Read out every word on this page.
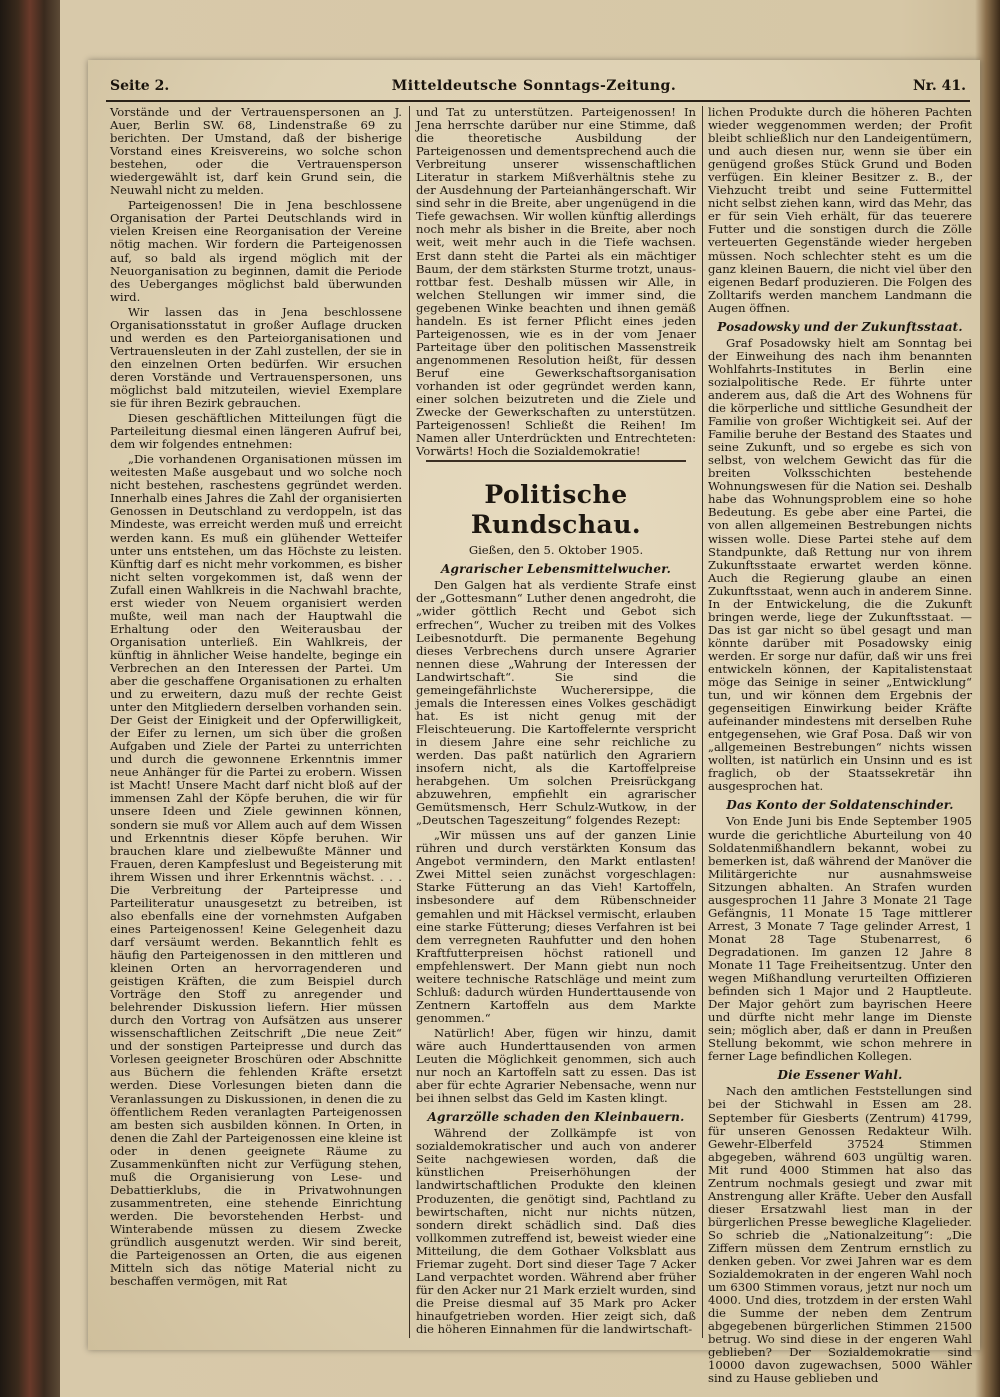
Seite 2.	Mitteldeutsche Sonntags-Zeitung.	Nr. 41.

Vorstände und der Vertrauenspersonen an J. Auer, Berlin SW. 68, Lindenstraße 69 zu berichten. Der Umstand, daß der bisherige Vorstand eines Kreisvereins, wo solche schon bestehen, oder die Vertrauensperson wiedergewählt ist, darf kein Grund sein, die Neuwahl nicht zu melden.

Parteigenossen! Die in Jena beschlossene Organisation der Partei Deutschlands wird in vielen Kreisen eine Reorganisation der Vereine nötig machen. Wir fordern die Parteigenossen auf, so bald als irgend möglich mit der Neuorganisation zu beginnen, damit die Periode des Ueberganges möglichst bald überwunden wird.

Wir lassen das in Jena beschlossene Organisationsstatut in großer Auflage drucken und werden es den Parteiorganisationen und Vertrauensleuten in der Zahl zustellen, der sie in den einzelnen Orten bedürfen. Wir ersuchen deren Vorstände und Vertrauenspersonen, uns möglichst bald mitzuteilen, wieviel Exemplare sie für ihren Bezirk gebrauchen.

Diesen geschäftlichen Mitteilungen fügt die Parteileitung diesmal einen längeren Aufruf bei, dem wir folgendes entnehmen:

„Die vorhandenen Organisationen müssen im weitesten Maße ausgebaut und wo solche noch nicht bestehen, raschestens gegründet werden. Innerhalb eines Jahres die Zahl der organisierten Genossen in Deutschland zu verdoppeln, ist das Mindeste, was erreicht werden muß und erreicht werden kann. Es muß ein glühender Wetteifer unter uns entstehen, um das Höchste zu leisten. Künftig darf es nicht mehr vorkommen, es bisher nicht selten vorgekommen ist, daß wenn der Zufall einen Wahlkreis in die Nachwahl brachte, erst wieder von Neuem organisiert werden mußte, weil man nach der Hauptwahl die Erhaltung oder den Weiterausbau der Organisation unterließ. Ein Wahlkreis, der künftig in ähnlicher Weise handelte, beginge ein Verbrechen an den Interessen der Partei. Um aber die geschaffene Organisationen zu erhalten und zu erweitern, dazu muß der rechte Geist unter den Mitgliedern derselben vorhanden sein. Der Geist der Einigkeit und der Opferwilligkeit, der Eifer zu lernen, um sich über die großen Aufgaben und Ziele der Partei zu unterrichten und durch die gewonnene Erkenntnis immer neue Anhänger für die Partei zu erobern. Wissen ist Macht! Unsere Macht darf nicht bloß auf der immensen Zahl der Köpfe beruhen, die wir für unsere Ideen und Ziele gewinnen können, sondern sie muß vor Allem auch auf dem Wissen und Erkenntnis dieser Köpfe beruhen. Wir brauchen klare und zielbewußte Männer und Frauen, deren Kampfeslust und Begeisterung mit ihrem Wissen und ihrer Erkenntnis wächst. . . . Die Verbreitung der Parteipresse und Parteiliteratur unausgesetzt zu betreiben, ist also ebenfalls eine der vornehmsten Aufgaben eines Parteigenossen! Keine Gelegenheit dazu darf versäumt werden. Bekanntlich fehlt es häufig den Parteigenossen in den mittleren und kleinen Orten an hervorragenderen und geistigen Kräften, die zum Beispiel durch Vorträge den Stoff zu anregender und belehrender Diskussion liefern. Hier müssen durch den Vortrag von Aufsätzen aus unserer wissenschaftlichen Zeitschrift „Die neue Zeit“ und der sonstigen Parteipresse und durch das Vorlesen geeigneter Broschüren oder Abschnitte aus Büchern die fehlenden Kräfte ersetzt werden. Diese Vorlesungen bieten dann die Veranlassungen zu Diskussionen, in denen die zu öffentlichem Reden veranlagten Parteigenossen am besten sich ausbilden können. In Orten, in denen die Zahl der Parteigenossen eine kleine ist oder in denen geeignete Räume zu Zusammenkünften nicht zur Verfügung stehen, muß die Organisierung von Lese- und Debattierklubs, die in Privatwohnungen zusammentreten, eine stehende Einrichtung werden. Die bevorstehenden Herbst- und Winterabende müssen zu diesem Zwecke gründlich ausgenutzt werden. Wir sind bereit, die Parteigenossen an Orten, die aus eigenen Mitteln sich das nötige Material nicht zu beschaffen vermögen, mit Rat

und Tat zu unterstützen. Parteigenossen! In Jena herrschte darüber nur eine Stimme, daß die theoretische Ausbildung der Parteigenossen und dementsprechend auch die Verbreitung unserer wissenschaftlichen Literatur in starkem Mißverhältnis stehe zu der Ausdehnung der Parteianhängerschaft. Wir sind sehr in die Breite, aber ungenügend in die Tiefe gewachsen. Wir wollen künftig allerdings noch mehr als bisher in die Breite, aber noch weit, weit mehr auch in die Tiefe wachsen. Erst dann steht die Partei als ein mächtiger Baum, der dem stärksten Sturme trotzt, unaus-rottbar fest. Deshalb müssen wir Alle, in welchen Stellungen wir immer sind, die gegebenen Winke beachten und ihnen gemäß handeln. Es ist ferner Pflicht eines jeden Parteigenossen, wie es in der vom Jenaer Parteitage über den politischen Massenstreik angenommenen Resolution heißt, für dessen Beruf eine Gewerkschaftsorganisation vorhanden ist oder gegründet werden kann, einer solchen beizutreten und die Ziele und Zwecke der Gewerkschaften zu unterstützen. Parteigenossen! Schließt die Reihen! Im Namen aller Unterdrückten und Entrechteten: Vorwärts! Hoch die Sozialdemokratie!

Politische Rundschau.
Gießen, den 5. Oktober 1905.
Agrarischer Lebensmittelwucher.

Den Galgen hat als verdiente Strafe einst der „Gottesmann“ Luther denen angedroht, die „wider göttlich Recht und Gebot sich erfrechen“, Wucher zu treiben mit des Volkes Leibesnotdurft. Die permanente Begehung dieses Verbrechens durch unsere Agrarier nennen diese „Wahrung der Interessen der Landwirtschaft“. Sie sind die gemeingefährlichste Wucherersippe, die jemals die Interessen eines Volkes geschädigt hat. Es ist nicht genug mit der Fleischteuerung. Die Kartoffelernte verspricht in diesem Jahre eine sehr reichliche zu werden. Das paßt natürlich den Agrariern insofern nicht, als die Kartoffelpreise herabgehen. Um solchen Preisrückgang abzuwehren, empfiehlt ein agrarischer Gemütsmensch, Herr Schulz-Wutkow, in der „Deutschen Tageszeitung“ folgendes Rezept:

„Wir müssen uns auf der ganzen Linie rühren und durch verstärkten Konsum das Angebot vermindern, den Markt entlasten! Zwei Mittel seien zunächst vorgeschlagen: Starke Fütterung an das Vieh! Kartoffeln, insbesondere auf dem Rübenschneider gemahlen und mit Häcksel vermischt, erlauben eine starke Fütterung; dieses Verfahren ist bei dem verregneten Rauhfutter und den hohen Kraftfutterpreisen höchst rationell und empfehlenswert. Der Mann giebt nun noch weitere technische Ratschläge und meint zum Schluß: dadurch würden Hunderttausende von Zentnern Kartoffeln aus dem Markte genommen.“

Natürlich! Aber, fügen wir hinzu, damit wäre auch Hunderttausenden von armen Leuten die Möglichkeit genommen, sich auch nur noch an Kartoffeln satt zu essen. Das ist aber für echte Agrarier Nebensache, wenn nur bei ihnen selbst das Geld im Kasten klingt.

Agrarzölle schaden den Kleinbauern.

Während der Zollkämpfe ist von sozialdemokratischer und auch von anderer Seite nachgewiesen worden, daß die künstlichen Preiserhöhungen der landwirtschaftlichen Produkte den kleinen Produzenten, die genötigt sind, Pachtland zu bewirtschaften, nicht nur nichts nützen, sondern direkt schädlich sind. Daß dies vollkommen zutreffend ist, beweist wieder eine Mitteilung, die dem Gothaer Volksblatt aus Friemar zugeht. Dort sind dieser Tage 7 Acker Land verpachtet worden. Während aber früher für den Acker nur 21 Mark erzielt wurden, sind die Preise diesmal auf 35 Mark pro Acker hinaufgetrieben worden. Hier zeigt sich, daß die höheren Einnahmen für die landwirtschaft-

lichen Produkte durch die höheren Pachten wieder weggenommen werden; der Profit bleibt schließlich nur den Landeigentümern, und auch diesen nur, wenn sie über ein genügend großes Stück Grund und Boden verfügen. Ein kleiner Besitzer z. B., der Viehzucht treibt und seine Futtermittel nicht selbst ziehen kann, wird das Mehr, das er für sein Vieh erhält, für das teuerere Futter und die sonstigen durch die Zölle verteuerten Gegenstände wieder hergeben müssen. Noch schlechter steht es um die ganz kleinen Bauern, die nicht viel über den eigenen Bedarf produzieren. Die Folgen des Zolltarifs werden manchem Landmann die Augen öffnen.

Posadowsky und der Zukunftsstaat.

Graf Posadowsky hielt am Sonntag bei der Einweihung des nach ihm benannten Wohlfahrts-Institutes in Berlin eine sozialpolitische Rede. Er führte unter anderem aus, daß die Art des Wohnens für die körperliche und sittliche Gesundheit der Familie von großer Wichtigkeit sei. Auf der Familie beruhe der Bestand des Staates und seine Zukunft, und so ergebe es sich von selbst, von welchem Gewicht das für die breiten Volksschichten bestehende Wohnungswesen für die Nation sei. Deshalb habe das Wohnungsproblem eine so hohe Bedeutung. Es gebe aber eine Partei, die von allen allgemeinen Bestrebungen nichts wissen wolle. Diese Partei stehe auf dem Standpunkte, daß Rettung nur von ihrem Zukunftsstaate erwartet werden könne. Auch die Regierung glaube an einen Zukunftsstaat, wenn auch in anderem Sinne. In der Entwickelung, die die Zukunft bringen werde, liege der Zukunftsstaat. — Das ist gar nicht so übel gesagt und man könnte darüber mit Posadowsky einig werden. Er sorge nur dafür, daß wir uns frei entwickeln können, der Kapitalistenstaat möge das Seinige in seiner „Entwicklung“ tun, und wir können dem Ergebnis der gegenseitigen Einwirkung beider Kräfte aufeinander mindestens mit derselben Ruhe entgegensehen, wie Graf Posa. Daß wir von „allgemeinen Bestrebungen“ nichts wissen wollten, ist natürlich ein Unsinn und es ist fraglich, ob der Staatssekretär ihn ausgesprochen hat.

Das Konto der Soldatenschinder.

Von Ende Juni bis Ende September 1905 wurde die gerichtliche Aburteilung von 40 Soldatenmißhandlern bekannt, wobei zu bemerken ist, daß während der Manöver die Militärgerichte nur ausnahmsweise Sitzungen abhalten. An Strafen wurden ausgesprochen 11 Jahre 3 Monate 21 Tage Gefängnis, 11 Monate 15 Tage mittlerer Arrest, 3 Monate 7 Tage gelinder Arrest, 1 Monat 28 Tage Stubenarrest, 6 Degradationen. Im ganzen 12 Jahre 8 Monate 11 Tage Freiheitsentzug. Unter den wegen Mißhandlung verurteilten Offizieren befinden sich 1 Major und 2 Hauptleute. Der Major gehört zum bayrischen Heere und dürfte nicht mehr lange im Dienste sein; möglich aber, daß er dann in Preußen Stellung bekommt, wie schon mehrere in ferner Lage befindlichen Kollegen.

Die Essener Wahl.

Nach den amtlichen Feststellungen sind bei der Stichwahl in Essen am 28. September für Giesberts (Zentrum) 41799, für unseren Genossen Redakteur Wilh. Gewehr-Elberfeld 37524 Stimmen abgegeben, während 603 ungültig waren. Mit rund 4000 Stimmen hat also das Zentrum nochmals gesiegt und zwar mit Anstrengung aller Kräfte. Ueber den Ausfall dieser Ersatzwahl liest man in der bürgerlichen Presse bewegliche Klagelieder. So schrieb die „Nationalzeitung“: „Die Ziffern müssen dem Zentrum ernstlich zu denken geben. Vor zwei Jahren war es dem Sozialdemokraten in der engeren Wahl noch um 6300 Stimmen voraus, jetzt nur noch um 4000. Und dies, trotzdem in der ersten Wahl die Summe der neben dem Zentrum abgegebenen bürgerlichen Stimmen 21500 betrug. Wo sind diese in der engeren Wahl geblieben? Der Sozialdemokratie sind 10000 davon zugewachsen, 5000 Wähler sind zu Hause geblieben und
